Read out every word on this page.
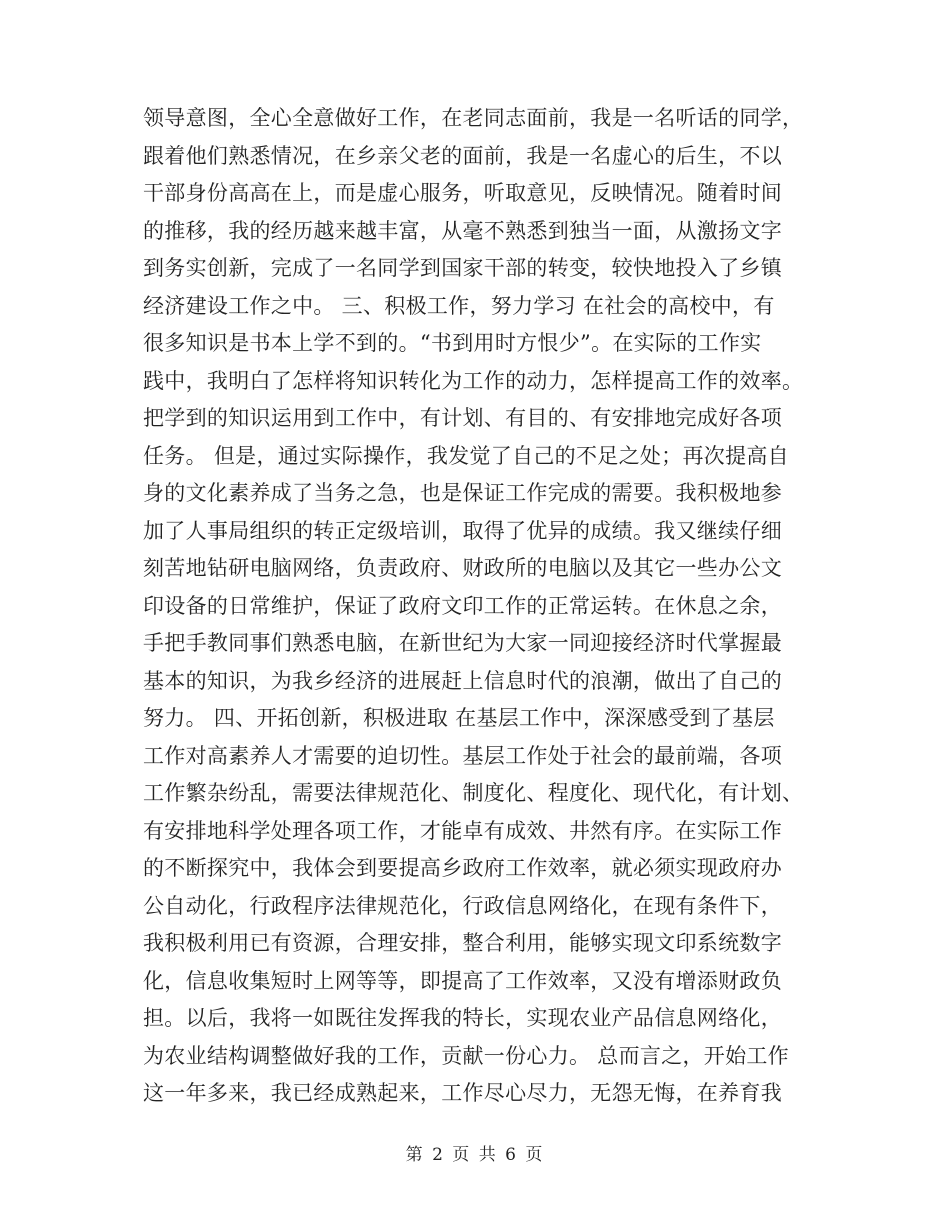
领导意图，全心全意做好工作，在老同志面前，我是一名听话的同学，
跟着他们熟悉情况，在乡亲父老的面前，我是一名虚心的后生，不以
干部身份高高在上，而是虚心服务，听取意见，反映情况。随着时间
的推移，我的经历越来越丰富，从毫不熟悉到独当一面，从激扬文字
到务实创新，完成了一名同学到国家干部的转变，较快地投入了乡镇
经济建设工作之中。 三、积极工作，努力学习 在社会的高校中，有
很多知识是书本上学不到的。“书到用时方恨少”。在实际的工作实
践中，我明白了怎样将知识转化为工作的动力，怎样提高工作的效率。
把学到的知识运用到工作中，有计划、有目的、有安排地完成好各项
任务。 但是，通过实际操作，我发觉了自己的不足之处；再次提高自
身的文化素养成了当务之急，也是保证工作完成的需要。我积极地参
加了人事局组织的转正定级培训，取得了优异的成绩。我又继续仔细
刻苦地钻研电脑网络，负责政府、财政所的电脑以及其它一些办公文
印设备的日常维护，保证了政府文印工作的正常运转。在休息之余，
手把手教同事们熟悉电脑，在新世纪为大家一同迎接经济时代掌握最
基本的知识，为我乡经济的进展赶上信息时代的浪潮，做出了自己的
努力。 四、开拓创新，积极进取 在基层工作中，深深感受到了基层
工作对高素养人才需要的迫切性。基层工作处于社会的最前端，各项
工作繁杂纷乱，需要法律规范化、制度化、程度化、现代化，有计划、
有安排地科学处理各项工作，才能卓有成效、井然有序。在实际工作
的不断探究中，我体会到要提高乡政府工作效率，就必须实现政府办
公自动化，行政程序法律规范化，行政信息网络化，在现有条件下，
我积极利用已有资源，合理安排，整合利用，能够实现文印系统数字
化，信息收集短时上网等等，即提高了工作效率，又没有增添财政负
担。以后，我将一如既往发挥我的特长，实现农业产品信息网络化，
为农业结构调整做好我的工作，贡献一份心力。 总而言之，开始工作
这一年多来，我已经成熟起来，工作尽心尽力，无怨无悔，在养育我
第 2 页 共 6 页
